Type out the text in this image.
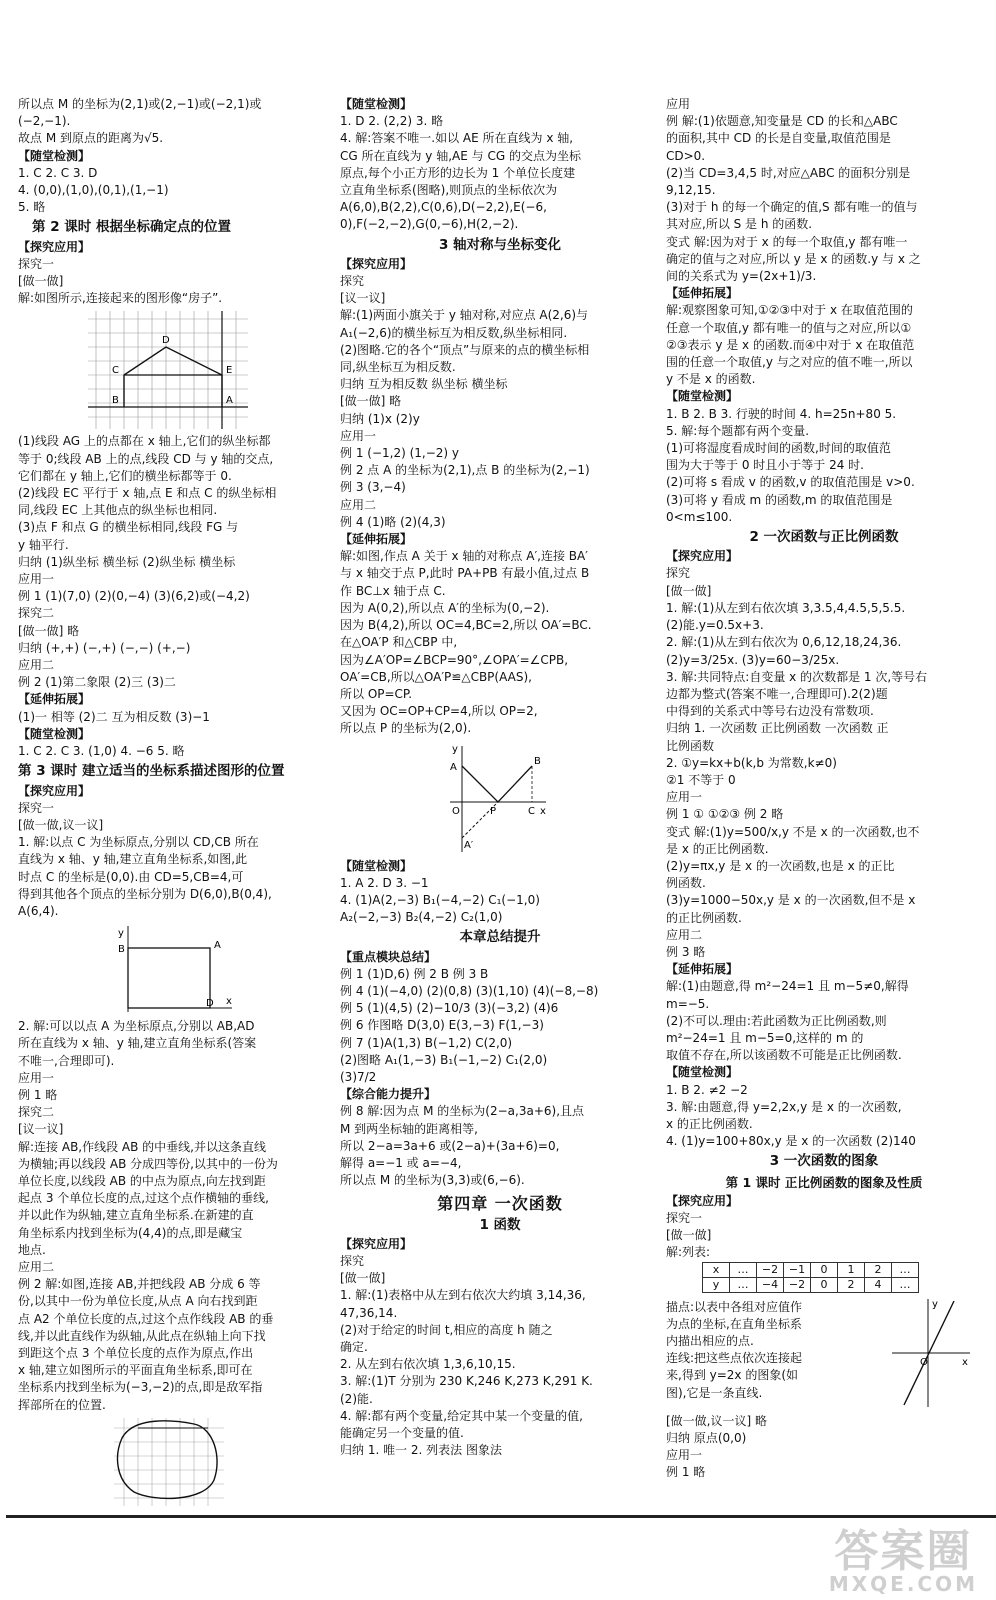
所以点 M 的坐标为(2,1)或(2,−1)或(−2,1)或
(−2,−1).
故点 M 到原点的距离为√5.
【随堂检测】
1. C 2. C 3. D
4. (0,0),(1,0),(0,1),(1,−1)
5. 略
第 2 课时 根据坐标确定点的位置
【探究应用】
探究一
[做一做]
解:如图所示,连接起来的图形像“房子”.
D
E
C
B	A
(1)线段 AG 上的点都在 x 轴上,它们的纵坐标都
等于 0;线段 AB 上的点,线段 CD 与 y 轴的交点,
它们都在 y 轴上,它们的横坐标都等于 0.
(2)线段 EC 平行于 x 轴,点 E 和点 C 的纵坐标相
同,线段 EC 上其他点的纵坐标也相同.
(3)点 F 和点 G 的横坐标相同,线段 FG 与
y 轴平行.
归纳 (1)纵坐标 横坐标 (2)纵坐标 横坐标
应用一
例 1 (1)(7,0) (2)(0,−4) (3)(6,2)或(−4,2)
探究二
[做一做] 略
归纳 (+,+) (−,+) (−,−) (+,−)
应用二
例 2 (1)第二象限 (2)三 (3)二
【延伸拓展】
(1)一 相等 (2)二 互为相反数 (3)−1
【随堂检测】
1. C 2. C 3. (1,0) 4. −6 5. 略
第 3 课时 建立适当的坐标系描述图形的位置
【探究应用】
探究一
[做一做,议一议]
1. 解:以点 C 为坐标原点,分别以 CD,CB 所在
直线为 x 轴、y 轴,建立直角坐标系,如图,此
时点 C 的坐标是(0,0).由 CD=5,CB=4,可
得到其他各个顶点的坐标分别为 D(6,0),B(0,4),
A(6,4).
y
B	A
D x
2. 解:可以以点 A 为坐标原点,分别以 AB,AD
所在直线为 x 轴、y 轴,建立直角坐标系(答案
不唯一,合理即可).
应用一
例 1 略
探究二
[议一议]
解:连接 AB,作线段 AB 的中垂线,并以这条直线
为横轴;再以线段 AB 分成四等份,以其中的一份为
单位长度,以线段 AB 的中点为原点,向左找到距
起点 3 个单位长度的点,过这个点作横轴的垂线,
并以此作为纵轴,建立直角坐标系.在新建的直
角坐标系内找到坐标为(4,4)的点,即是藏宝
地点.
应用二
例 2 解:如图,连接 AB,并把线段 AB 分成 6 等
份,以其中一份为单位长度,从点 A 向右找到距
点 A2 个单位长度的点,过这个点作线段 AB 的垂
线,并以此直线作为纵轴,从此点在纵轴上向下找
到距这个点 3 个单位长度的点作为原点,作出
x 轴,建立如图所示的平面直角坐标系,即可在
坐标系内找到坐标为(−3,−2)的点,即是敌军指
挥部所在的位置.
【随堂检测】
1. D 2. (2,2) 3. 略
4. 解:答案不唯一.如以 AE 所在直线为 x 轴,
CG 所在直线为 y 轴,AE 与 CG 的交点为坐标
原点,每个小正方形的边长为 1 个单位长度建
立直角坐标系(图略),则顶点的坐标依次为
A(6,0),B(2,2),C(0,6),D(−2,2),E(−6,
0),F(−2,−2),G(0,−6),H(2,−2).
3 轴对称与坐标变化
【探究应用】
探究
[议一议]
解:(1)两面小旗关于 y 轴对称,对应点 A(2,6)与
A₁(−2,6)的横坐标互为相反数,纵坐标相同.
(2)图略.它的各个“顶点”与原来的点的横坐标相
同,纵坐标互为相反数.
归纳 互为相反数 纵坐标 横坐标
[做一做] 略
归纳 (1)x (2)y
应用一
例 1 (−1,2) (1,−2) y
例 2 点 A 的坐标为(2,1),点 B 的坐标为(2,−1)
例 3 (3,−4)
应用二
例 4 (1)略 (2)(4,3)
【延伸拓展】
解:如图,作点 A 关于 x 轴的对称点 A′,连接 BA′
与 x 轴交于点 P,此时 PA+PB 有最小值,过点 B
作 BC⊥x 轴于点 C.
因为 A(0,2),所以点 A′的坐标为(0,−2).
因为 B(4,2),所以 OC=4,BC=2,所以 OA′=BC.
在△OA′P 和△CBP 中,
因为∠A′OP=∠BCP=90°,∠OPA′=∠CPB,
OA′=CB,所以△OA′P≌△CBP(AAS),
所以 OP=CP.
又因为 OC=OP+CP=4,所以 OP=2,
所以点 P 的坐标为(2,0).
y
A
B
O	P	C x
A′
【随堂检测】
1. A 2. D 3. −1
4. (1)A(2,−3) B₁(−4,−2) C₁(−1,0)
A₂(−2,−3) B₂(4,−2) C₂(1,0)
本章总结提升
【重点模块总结】
例 1 (1)D,6) 例 2 B 例 3 B
例 4 (1)(−4,0) (2)(0,8) (3)(1,10) (4)(−8,−8)
例 5 (1)(4,5) (2)−10/3 (3)(−3,2) (4)6
例 6 作图略 D(3,0) E(3,−3) F(1,−3)
例 7 (1)A(1,3) B(−1,2) C(2,0)
(2)图略 A₁(1,−3) B₁(−1,−2) C₁(2,0)
(3)7/2
【综合能力提升】
例 8 解:因为点 M 的坐标为(2−a,3a+6),且点
M 到两坐标轴的距离相等,
所以 2−a=3a+6 或(2−a)+(3a+6)=0,
解得 a=−1 或 a=−4,
所以点 M 的坐标为(3,3)或(6,−6).
第四章 一次函数
1 函数
【探究应用】
探究
[做一做]
1. 解:(1)表格中从左到右依次大约填 3,14,36,
47,36,14.
(2)对于给定的时间 t,相应的高度 h 随之
确定.
2. 从左到右依次填 1,3,6,10,15.
3. 解:(1)T 分别为 230 K,246 K,273 K,291 K.
(2)能.
4. 解:都有两个变量,给定其中某一个变量的值,
能确定另一个变量的值.
归纳 1. 唯一 2. 列表法 图象法
应用
例 解:(1)依题意,知变量是 CD 的长和△ABC
的面积,其中 CD 的长是自变量,取值范围是
CD>0.
(2)当 CD=3,4,5 时,对应△ABC 的面积分别是
9,12,15.
(3)对于 h 的每一个确定的值,S 都有唯一的值与
其对应,所以 S 是 h 的函数.
变式 解:因为对于 x 的每一个取值,y 都有唯一
确定的值与之对应,所以 y 是 x 的函数.y 与 x 之
间的关系式为 y=(2x+1)/3.
【延伸拓展】
解:观察图象可知,①②③中对于 x 在取值范围的
任意一个取值,y 都有唯一的值与之对应,所以①
②③表示 y 是 x 的函数.而④中对于 x 在取值范
围的任意一个取值,y 与之对应的值不唯一,所以
y 不是 x 的函数.
【随堂检测】
1. B 2. B 3. 行驶的时间 4. h=25n+80 5.
5. 解:每个题都有两个变量.
(1)可将湿度看成时间的函数,时间的取值范
围为大于等于 0 时且小于等于 24 时.
(2)可将 s 看成 v 的函数,v 的取值范围是 v>0.
(3)可将 y 看成 m 的函数,m 的取值范围是
0<m≤100.
2 一次函数与正比例函数
【探究应用】
探究
[做一做]
1. 解:(1)从左到右依次填 3,3.5,4,4.5,5,5.5.
(2)能.y=0.5x+3.
2. 解:(1)从左到右依次为 0,6,12,18,24,36.
(2)y=3/25x. (3)y=60−3/25x.
3. 解:共同特点:自变量 x 的次数都是 1 次,等号右
边都为整式(答案不唯一,合理即可).2(2)题
中得到的关系式中等号右边没有常数项.
归纳 1. 一次函数 正比例函数 一次函数 正
比例函数
2. ①y=kx+b(k,b 为常数,k≠0)
②1 不等于 0
应用一
例 1 ① ①②③ 例 2 略
变式 解:(1)y=500/x,y 不是 x 的一次函数,也不
是 x 的正比例函数.
(2)y=πx,y 是 x 的一次函数,也是 x 的正比
例函数.
(3)y=1000−50x,y 是 x 的一次函数,但不是 x
的正比例函数.
应用二
例 3 略
【延伸拓展】
解:(1)由题意,得 m²−24=1 且 m−5≠0,解得
m=−5.
(2)不可以.理由:若此函数为正比例函数,则
m²−24=1 且 m−5=0,这样的 m 的
取值不存在,所以该函数不可能是正比例函数.
【随堂检测】
1. B 2. ≠2 −2
3. 解:由题意,得 y=2,2x,y 是 x 的一次函数,
x 的正比例函数.
4. (1)y=100+80x,y 是 x 的一次函数 (2)140
3 一次函数的图象
第 1 课时 正比例函数的图象及性质
【探究应用】
探究一
[做一做]
解:列表:
x	…	−2	−1	0	1	2	…
y	…	−4	−2	0	2	4	…
描点:以表中各组对应值作
为点的坐标,在直角坐标系
内描出相应的点.
连线:把这些点依次连接起
来,得到 y=2x 的图象(如
图),它是一条直线.
y
x
O
[做一做,议一议] 略
归纳 原点(0,0)
应用一
例 1 略
答案圈
MXQE.COM
